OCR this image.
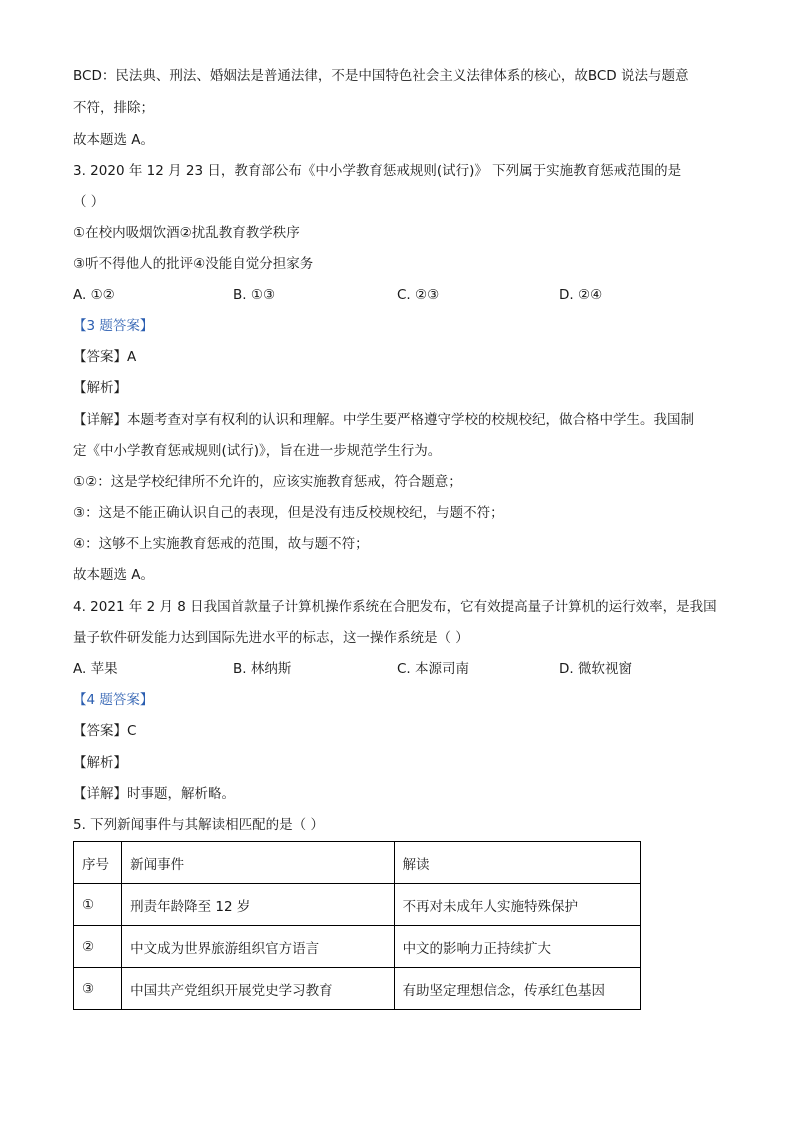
BCD：民法典、刑法、婚姻法是普通法律，不是中国特色社会主义法律体系的核心，故BCD 说法与题意
不符，排除；
故本题选 A。
3. 2020 年 12 月 23 日，教育部公布《中小学教育惩戒规则(试行)》 下列属于实施教育惩戒范围的是
（ ）
①在校内吸烟饮酒②扰乱教育教学秩序
③听不得他人的批评④没能自觉分担家务
A. ①②	B. ①③	C. ②③	D. ②④
【3 题答案】
【答案】A
【解析】
【详解】本题考查对享有权利的认识和理解。中学生要严格遵守学校的校规校纪，做合格中学生。我国制
定《中小学教育惩戒规则(试行)》，旨在进一步规范学生行为。
①②：这是学校纪律所不允许的，应该实施教育惩戒，符合题意；
③：这是不能正确认识自己的表现，但是没有违反校规校纪，与题不符；
④：这够不上实施教育惩戒的范围，故与题不符；
故本题选 A。
4. 2021 年 2 月 8 日我国首款量子计算机操作系统在合肥发布，它有效提高量子计算机的运行效率，是我国
量子软件研发能力达到国际先进水平的标志，这一操作系统是（ ）
A. 苹果	B. 林纳斯	C. 本源司南	D. 微软视窗
【4 题答案】
【答案】C
【解析】
【详解】时事题，解析略。
5. 下列新闻事件与其解读相匹配的是（ ）
序号	新闻事件	解读
①	刑责年龄降至 12 岁	不再对未成年人实施特殊保护
②	中文成为世界旅游组织官方语言	中文的影响力正持续扩大
③	中国共产党组织开展党史学习教育	有助坚定理想信念，传承红色基因
